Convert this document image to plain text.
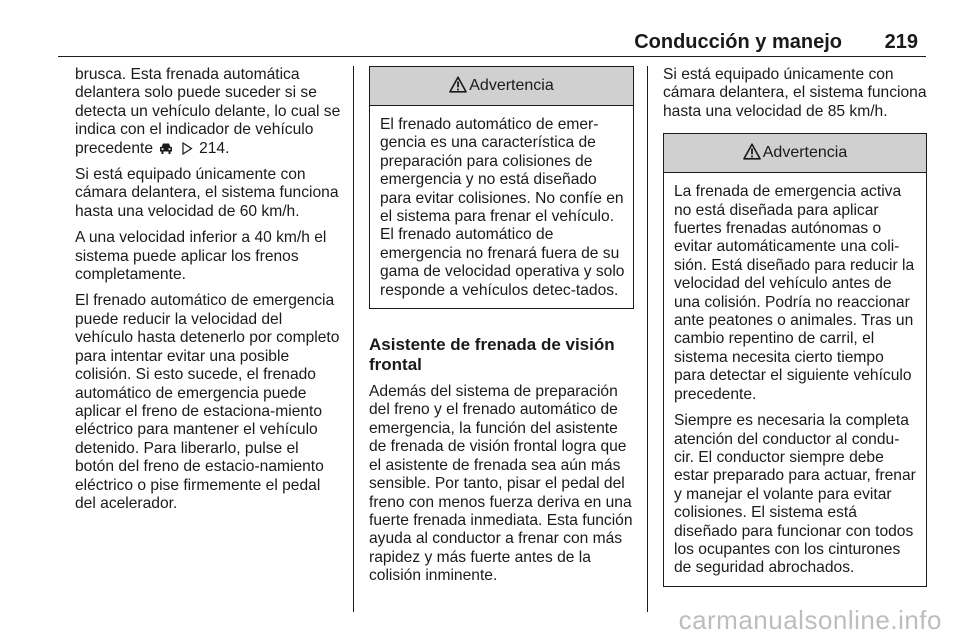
Conducción y manejo 219

brusca. Esta frenada automática delantera solo puede suceder si se detecta un vehículo delante, lo cual se indica con el indicador de vehículo precedente	214.

Si está equipado únicamente con cámara delantera, el sistema funciona hasta una velocidad de 60 km/h.

A una velocidad inferior a 40 km/h el sistema puede aplicar los frenos completamente.

El frenado automático de emergencia puede reducir la velocidad del vehículo hasta detenerlo por completo para intentar evitar una posible colisión. Si esto sucede, el frenado automático de emergencia puede aplicar el freno de estaciona-miento eléctrico para mantener el vehículo detenido. Para liberarlo, pulse el botón del freno de estacio-namiento eléctrico o pise firmemente el pedal del acelerador.

Advertencia

El frenado automático de emer-gencia es una característica de preparación para colisiones de emergencia y no está diseñado para evitar colisiones. No confíe en el sistema para frenar el vehículo. El frenado automático de emergencia no frenará fuera de su gama de velocidad operativa y solo responde a vehículos detec-tados.

Asistente de frenada de visión frontal

Además del sistema de preparación del freno y el frenado automático de emergencia, la función del asistente de frenada de visión frontal logra que el asistente de frenada sea aún más sensible. Por tanto, pisar el pedal del freno con menos fuerza deriva en una fuerte frenada inmediata. Esta función ayuda al conductor a frenar con más rapidez y más fuerte antes de la colisión inminente.

Si está equipado únicamente con cámara delantera, el sistema funciona hasta una velocidad de 85 km/h.

Advertencia

La frenada de emergencia activa no está diseñada para aplicar fuertes frenadas autónomas o evitar automáticamente una coli-sión. Está diseñado para reducir la velocidad del vehículo antes de una colisión. Podría no reaccionar ante peatones o animales. Tras un cambio repentino de carril, el sistema necesita cierto tiempo para detectar el siguiente vehículo precedente.

Siempre es necesaria la completa atención del conductor al condu-cir. El conductor siempre debe estar preparado para actuar, frenar y manejar el volante para evitar colisiones. El sistema está diseñado para funcionar con todos los ocupantes con los cinturones de seguridad abrochados.

carmanualsonline.info
